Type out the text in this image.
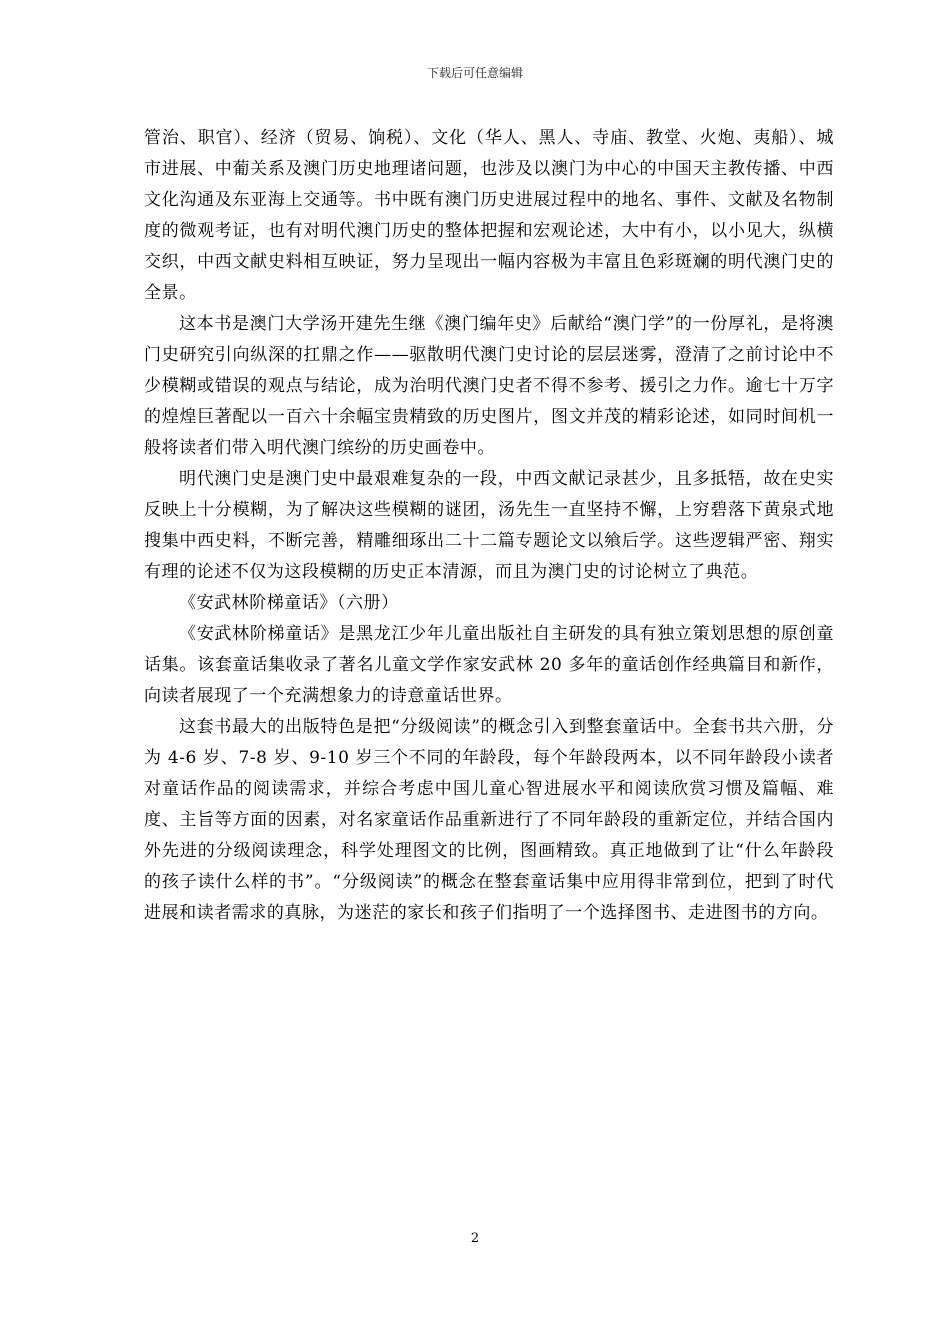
下载后可任意编辑

管治、职官）、经济（贸易、饷税）、文化（华人、黑人、寺庙、教堂、火炮、夷船）、城市进展、中葡关系及澳门历史地理诸问题，也涉及以澳门为中心的中国天主教传播、中西文化沟通及东亚海上交通等。书中既有澳门历史进展过程中的地名、事件、文献及名物制度的微观考证，也有对明代澳门历史的整体把握和宏观论述，大中有小，以小见大，纵横交织，中西文献史料相互映证，努力呈现出一幅内容极为丰富且色彩斑斓的明代澳门史的全景。

这本书是澳门大学汤开建先生继《澳门编年史》后献给“澳门学”的一份厚礼，是将澳门史研究引向纵深的扛鼎之作——驱散明代澳门史讨论的层层迷雾，澄清了之前讨论中不少模糊或错误的观点与结论，成为治明代澳门史者不得不参考、援引之力作。逾七十万字的煌煌巨著配以一百六十余幅宝贵精致的历史图片，图文并茂的精彩论述，如同时间机一般将读者们带入明代澳门缤纷的历史画卷中。

明代澳门史是澳门史中最艰难复杂的一段，中西文献记录甚少，且多抵牾，故在史实反映上十分模糊，为了解决这些模糊的谜团，汤先生一直坚持不懈，上穷碧落下黄泉式地搜集中西史料，不断完善，精雕细琢出二十二篇专题论文以飨后学。这些逻辑严密、翔实有理的论述不仅为这段模糊的历史正本清源，而且为澳门史的讨论树立了典范。

《安武林阶梯童话》（六册）

《安武林阶梯童话》是黑龙江少年儿童出版社自主研发的具有独立策划思想的原创童话集。该套童话集收录了著名儿童文学作家安武林 20 多年的童话创作经典篇目和新作，向读者展现了一个充满想象力的诗意童话世界。

这套书最大的出版特色是把“分级阅读”的概念引入到整套童话中。全套书共六册，分为 4-6 岁、7-8 岁、9-10 岁三个不同的年龄段，每个年龄段两本，以不同年龄段小读者对童话作品的阅读需求，并综合考虑中国儿童心智进展水平和阅读欣赏习惯及篇幅、难度、主旨等方面的因素，对名家童话作品重新进行了不同年龄段的重新定位，并结合国内外先进的分级阅读理念，科学处理图文的比例，图画精致。真正地做到了让“什么年龄段的孩子读什么样的书”。“分级阅读”的概念在整套童话集中应用得非常到位，把到了时代进展和读者需求的真脉，为迷茫的家长和孩子们指明了一个选择图书、走进图书的方向。

2
